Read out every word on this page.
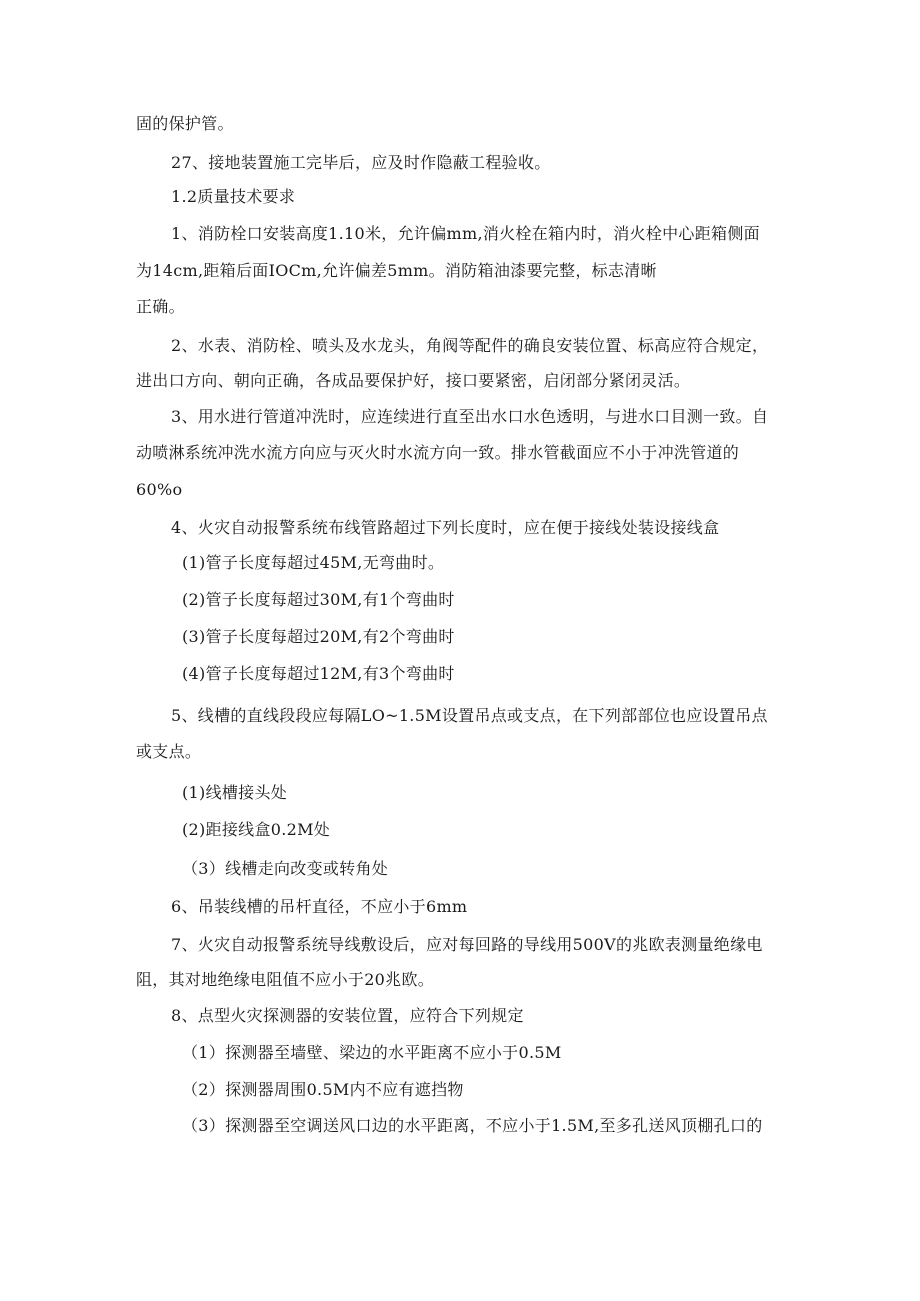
固的保护管。
27、接地装置施工完毕后，应及时作隐蔽工程验收。
1.2质量技术要求
1、消防栓口安装高度1.10米，允许偏mm,消火栓在箱内时，消火栓中心距箱侧面
为14cm,距箱后面IOCm,允许偏差5mm。消防箱油漆要完整，标志清晰
正确。
2、水表、消防栓、喷头及水龙头，角阀等配件的确良安装位置、标高应符合规定，
进出口方向、朝向正确，各成品要保护好，接口要紧密，启闭部分紧闭灵活。
3、用水进行管道冲洗时，应连续进行直至出水口水色透明，与进水口目测一致。自
动喷淋系统冲洗水流方向应与灭火时水流方向一致。排水管截面应不小于冲洗管道的
60%o
4、火灾自动报警系统布线管路超过下列长度时，应在便于接线处装设接线盒
(1)管子长度每超过45M,无弯曲时。
(2)管子长度每超过30M,有1个弯曲时
(3)管子长度每超过20M,有2个弯曲时
(4)管子长度每超过12M,有3个弯曲时
5、线槽的直线段段应每隔LO~1.5M设置吊点或支点，在下列部部位也应设置吊点
或支点。
(1)线槽接头处
(2)距接线盒0.2M处
（3）线槽走向改变或转角处
6、吊装线槽的吊杆直径，不应小于6mm
7、火灾自动报警系统导线敷设后，应对每回路的导线用500V的兆欧表测量绝缘电
阻，其对地绝缘电阻值不应小于20兆欧。
8、点型火灾探测器的安装位置，应符合下列规定
（1）探测器至墙壁、梁边的水平距离不应小于0.5M
（2）探测器周围0.5M内不应有遮挡物
（3）探测器至空调送风口边的水平距离，不应小于1.5M,至多孔送风顶棚孔口的
